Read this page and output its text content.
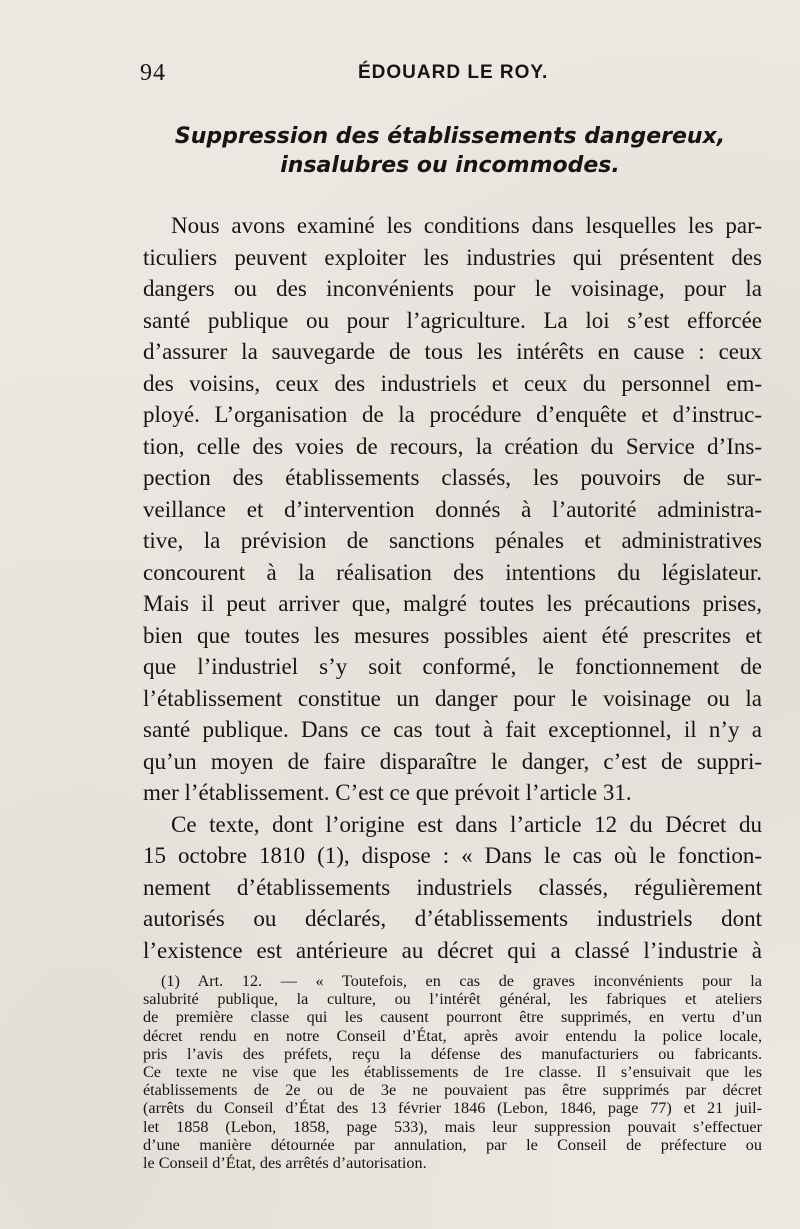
94	ÉDOUARD LE ROY.
Suppression des établissements dangereux,
insalubres ou incommodes.
Nous avons examiné les conditions dans lesquelles les par-
ticuliers peuvent exploiter les industries qui présentent des
dangers ou des inconvénients pour le voisinage, pour la
santé publique ou pour l’agriculture. La loi s’est efforcée
d’assurer la sauvegarde de tous les intérêts en cause : ceux
des voisins, ceux des industriels et ceux du personnel em-
ployé. L’organisation de la procédure d’enquête et d’instruc-
tion, celle des voies de recours, la création du Service d’Ins-
pection des établissements classés, les pouvoirs de sur-
veillance et d’intervention donnés à l’autorité administra-
tive, la prévision de sanctions pénales et administratives
concourent à la réalisation des intentions du législateur.
Mais il peut arriver que, malgré toutes les précautions prises,
bien que toutes les mesures possibles aient été prescrites et
que l’industriel s’y soit conformé, le fonctionnement de
l’établissement constitue un danger pour le voisinage ou la
santé publique. Dans ce cas tout à fait exceptionnel, il n’y a
qu’un moyen de faire disparaître le danger, c’est de suppri-
mer l’établissement. C’est ce que prévoit l’article 31.
Ce texte, dont l’origine est dans l’article 12 du Décret du
15 octobre 1810 (1), dispose : « Dans le cas où le fonction-
nement d’établissements industriels classés, régulièrement
autorisés ou déclarés, d’établissements industriels dont
l’existence est antérieure au décret qui a classé l’industrie à
(1) Art. 12. — « Toutefois, en cas de graves inconvénients pour la
salubrité publique, la culture, ou l’intérêt général, les fabriques et ateliers
de première classe qui les causent pourront être supprimés, en vertu d’un
décret rendu en notre Conseil d’État, après avoir entendu la police locale,
pris l’avis des préfets, reçu la défense des manufacturiers ou fabricants.
Ce texte ne vise que les établissements de 1re classe. Il s’ensuivait que les
établissements de 2e ou de 3e ne pouvaient pas être supprimés par décret
(arrêts du Conseil d’État des 13 février 1846 (Lebon, 1846, page 77) et 21 juil-
let 1858 (Lebon, 1858, page 533), mais leur suppression pouvait s’effectuer
d’une manière détournée par annulation, par le Conseil de préfecture ou
le Conseil d’État, des arrêtés d’autorisation.
